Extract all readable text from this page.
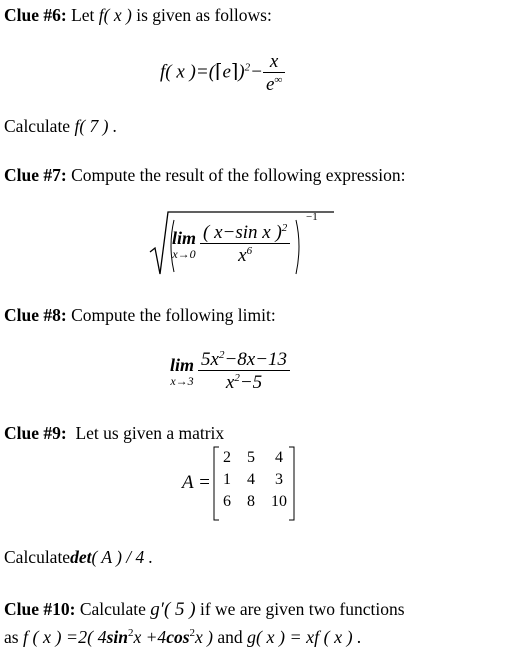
Clue #6: Let f( x ) is given as follows:
f( x )=(⌈e⌉)$^2$− $\frac{x}{e^\infty}$
Calculate f( 7 ) .
Clue #7: Compute the result of the following expression:
lim
$x\to 0 \frac{( x-\sin x )^2}{x^6}$
−1
Clue #8: Compute the following limit:
lim
$x\to 3 \frac{5x^2-8x-13}{x^2-5}$
Clue #9: Let us given a matrix
A =
2	5	4
1	4	3
6	8	10
Calculatedet( A ) / 4 .
Clue #10: Calculate g′( 5 ) if we are given two functions
as f ( x ) =2( $4\sin^2x +4\cos^2x$ ) and g( x ) = xf ( x ) .
